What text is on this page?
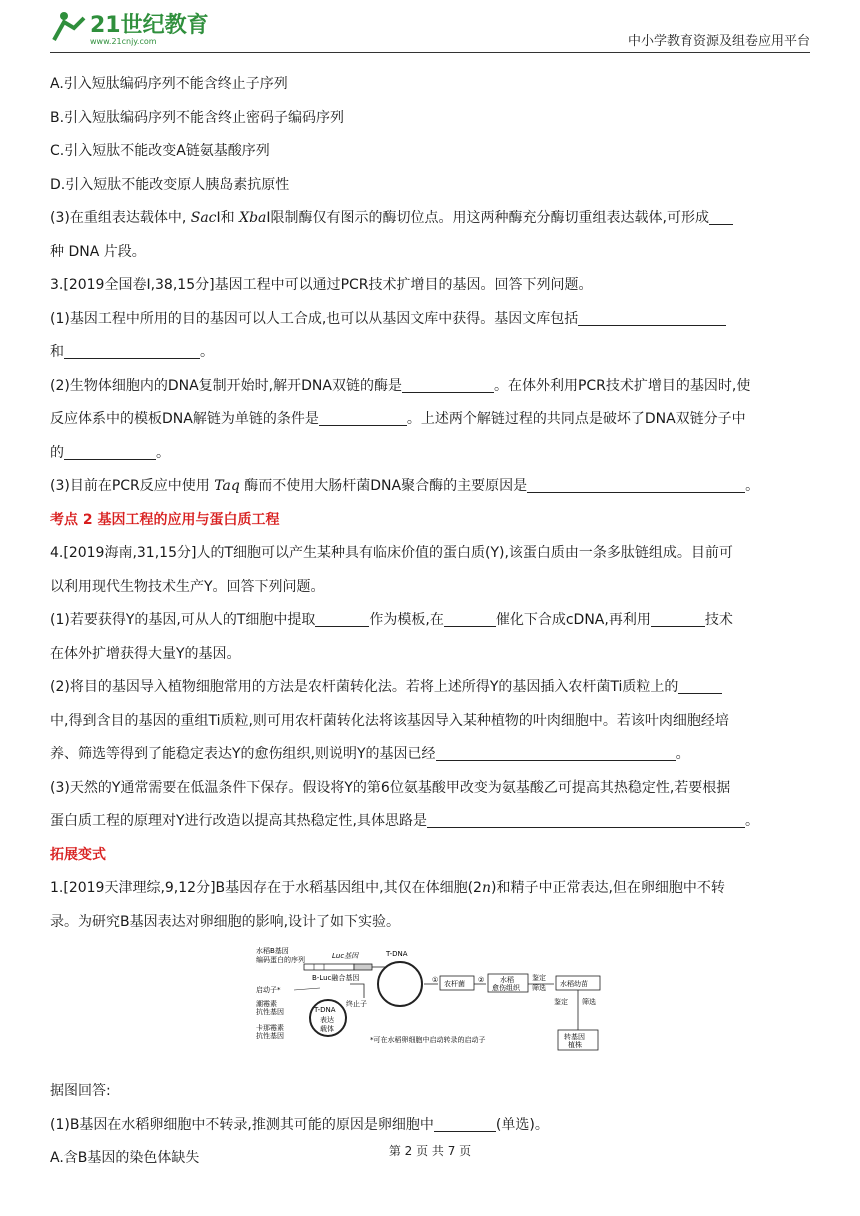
21世纪教育
www.21cnjy.com	中小学教育资源及组卷应用平台
A.引入短肽编码序列不能含终止子序列
B.引入短肽编码序列不能含终止密码子编码序列
C.引入短肽不能改变A链氨基酸序列
D.引入短肽不能改变原人胰岛素抗原性
(3)在重组表达载体中, SacⅠ和 XbaⅠ限制酶仅有图示的酶切位点。用这两种酶充分酶切重组表达载体,可形成
种 DNA 片段。
3.[2019全国卷Ⅰ,38,15分]基因工程中可以通过PCR技术扩增目的基因。回答下列问题。
(1)基因工程中所用的目的基因可以人工合成,也可以从基因文库中获得。基因文库包括
和	。
(2)生物体细胞内的DNA复制开始时,解开DNA双链的酶是	。在体外利用PCR技术扩增目的基因时,使
反应体系中的模板DNA解链为单链的条件是	。上述两个解链过程的共同点是破坏了DNA双链分子中
的	。
(3)目前在PCR反应中使用 Taq 酶而不使用大肠杆菌DNA聚合酶的主要原因是	。
考点 2 基因工程的应用与蛋白质工程
4.[2019海南,31,15分]人的T细胞可以产生某种具有临床价值的蛋白质(Y),该蛋白质由一条多肽链组成。目前可
以利用现代生物技术生产Y。回答下列问题。
(1)若要获得Y的基因,可从人的T细胞中提取	作为模板,在	催化下合成cDNA,再利用	技术
在体外扩增获得大量Y的基因。
(2)将目的基因导入植物细胞常用的方法是农杆菌转化法。若将上述所得Y的基因插入农杆菌Ti质粒上的
中,得到含目的基因的重组Ti质粒,则可用农杆菌转化法将该基因导入某种植物的叶肉细胞中。若该叶肉细胞经培
养、筛选等得到了能稳定表达Y的愈伤组织,则说明Y的基因已经	。
(3)天然的Y通常需要在低温条件下保存。假设将Y的第6位氨基酸甲改变为氨基酸乙可提高其热稳定性,若要根据
蛋白质工程的原理对Y进行改造以提高其热稳定性,具体思路是	。
拓展变式
1.[2019天津理综,9,12分]B基因存在于水稻基因组中,其仅在体细胞(2n)和精子中正常表达,但在卵细胞中不转
录。为研究B基因表达对卵细胞的影响,设计了如下实验。
据图回答:
(1)B基因在水稻卵细胞中不转录,推测其可能的原因是卵细胞中	(单选)。
A.含B基因的染色体缺失
水稻B基因
编码蛋白的序列	Luc基因
B-Luc融合基因
启动子*
潮霉素
抗性基因
卡那霉素
抗性基因
T-DNA
表达
载体
终止子
T-DNA
① 农杆菌 ② 水稻
愈伤组织
鉴定
筛选 水稻幼苗
鉴定 筛选
转基因
植株
*可在水稻卵细胞中启动转录的启动子
第 2 页 共 7 页
